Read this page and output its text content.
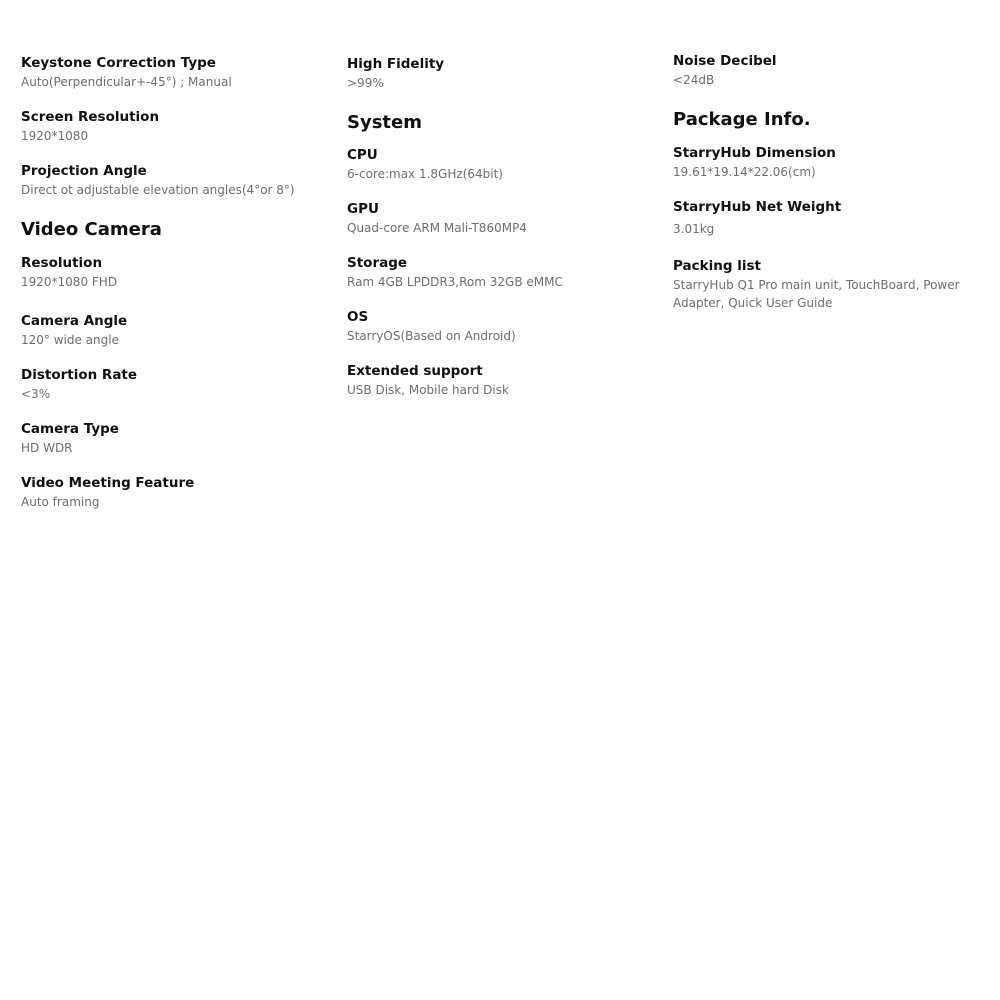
Keystone Correction Type
Auto(Perpendicular+-45°) ; Manual
Screen Resolution
1920*1080
Projection Angle
Direct ot adjustable elevation angles(4°or 8°)
Video Camera
Resolution
1920*1080 FHD
Camera Angle
120° wide angle
Distortion Rate
<3%
Camera Type
HD WDR
Video Meeting Feature
Auto framing
High Fidelity
>99%
System
CPU
6-core:max 1.8GHz(64bit)
GPU
Quad-core ARM Mali-T860MP4
Storage
Ram 4GB LPDDR3,Rom 32GB eMMC
OS
StarryOS(Based on Android)
Extended support
USB Disk, Mobile hard Disk
Noise Decibel
<24dB
Package Info.
StarryHub Dimension
19.61*19.14*22.06(cm)
StarryHub Net Weight
3.01kg
Packing list
StarryHub Q1 Pro main unit, TouchBoard, Power Adapter, Quick User Guide
